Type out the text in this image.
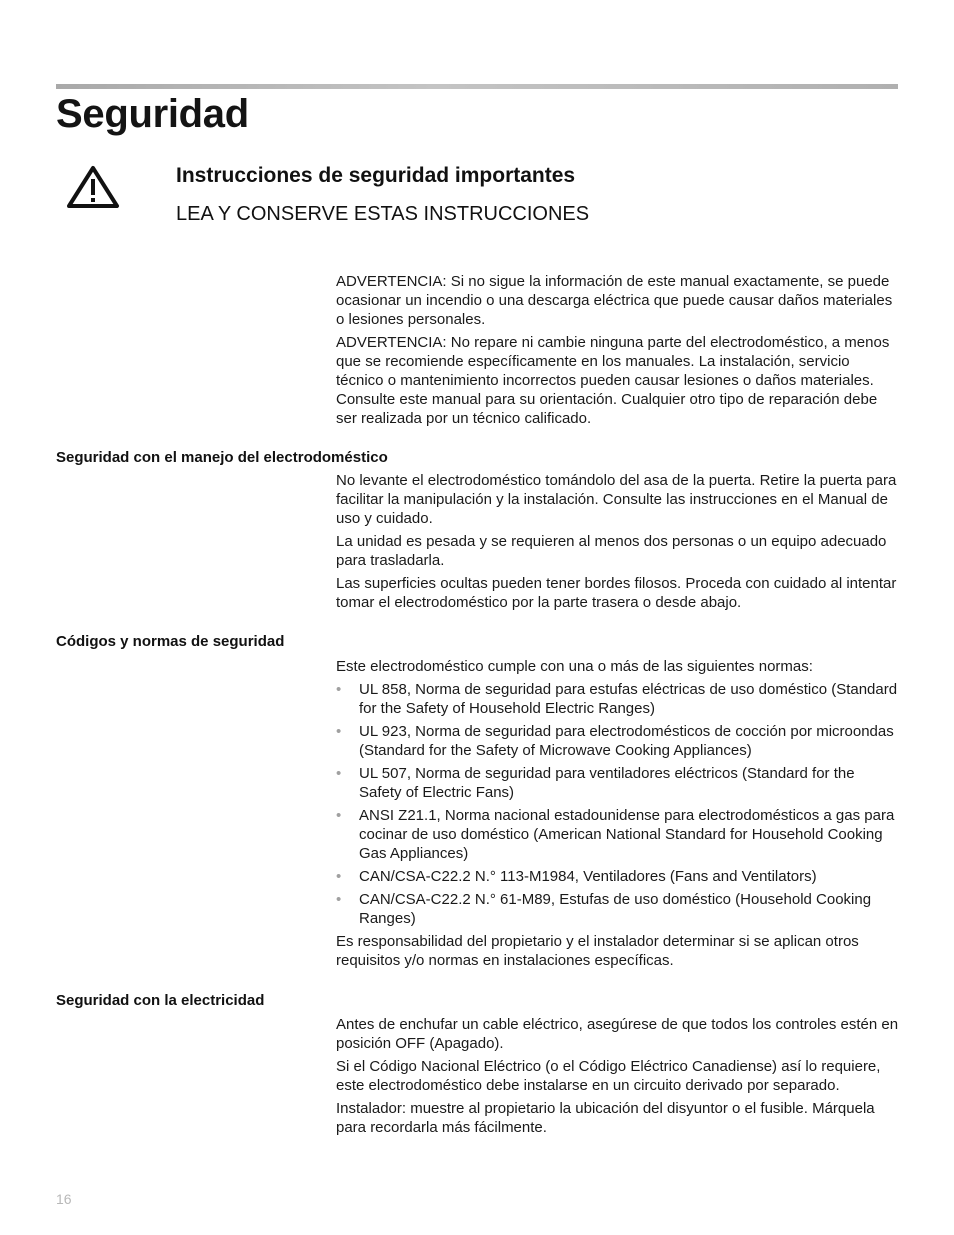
Seguridad
Instrucciones de seguridad importantes
LEA Y CONSERVE ESTAS INSTRUCCIONES

ADVERTENCIA: Si no sigue la información de este manual exactamente, se puede ocasionar un incendio o una descarga eléctrica que puede causar daños materiales o lesiones personales.

ADVERTENCIA: No repare ni cambie ninguna parte del electrodoméstico, a menos que se recomiende específicamente en los manuales. La instalación, servicio técnico o mantenimiento incorrectos pueden causar lesiones o daños materiales. Consulte este manual para su orientación. Cualquier otro tipo de reparación debe ser realizada por un técnico calificado.

Seguridad con el manejo del electrodoméstico

No levante el electrodoméstico tomándolo del asa de la puerta. Retire la puerta para facilitar la manipulación y la instalación. Consulte las instrucciones en el Manual de uso y cuidado.

La unidad es pesada y se requieren al menos dos personas o un equipo adecuado para trasladarla.

Las superficies ocultas pueden tener bordes filosos. Proceda con cuidado al intentar tomar el electrodoméstico por la parte trasera o desde abajo.

Códigos y normas de seguridad

Este electrodoméstico cumple con una o más de las siguientes normas:

• UL 858, Norma de seguridad para estufas eléctricas de uso doméstico (Standard for the Safety of Household Electric Ranges)
• UL 923, Norma de seguridad para electrodomésticos de cocción por microondas (Standard for the Safety of Microwave Cooking Appliances)
• UL 507, Norma de seguridad para ventiladores eléctricos (Standard for the Safety of Electric Fans)
• ANSI Z21.1, Norma nacional estadounidense para electrodomésticos a gas para cocinar de uso doméstico (American National Standard for Household Cooking Gas Appliances)
• CAN/CSA-C22.2 N.° 113-M1984, Ventiladores (Fans and Ventilators)
• CAN/CSA-C22.2 N.° 61-M89, Estufas de uso doméstico (Household Cooking Ranges)

Es responsabilidad del propietario y el instalador determinar si se aplican otros requisitos y/o normas en instalaciones específicas.

Seguridad con la electricidad

Antes de enchufar un cable eléctrico, asegúrese de que todos los controles estén en posición OFF (Apagado).

Si el Código Nacional Eléctrico (o el Código Eléctrico Canadiense) así lo requiere, este electrodoméstico debe instalarse en un circuito derivado por separado.

Instalador: muestre al propietario la ubicación del disyuntor o el fusible. Márquela para recordarla más fácilmente.

16
